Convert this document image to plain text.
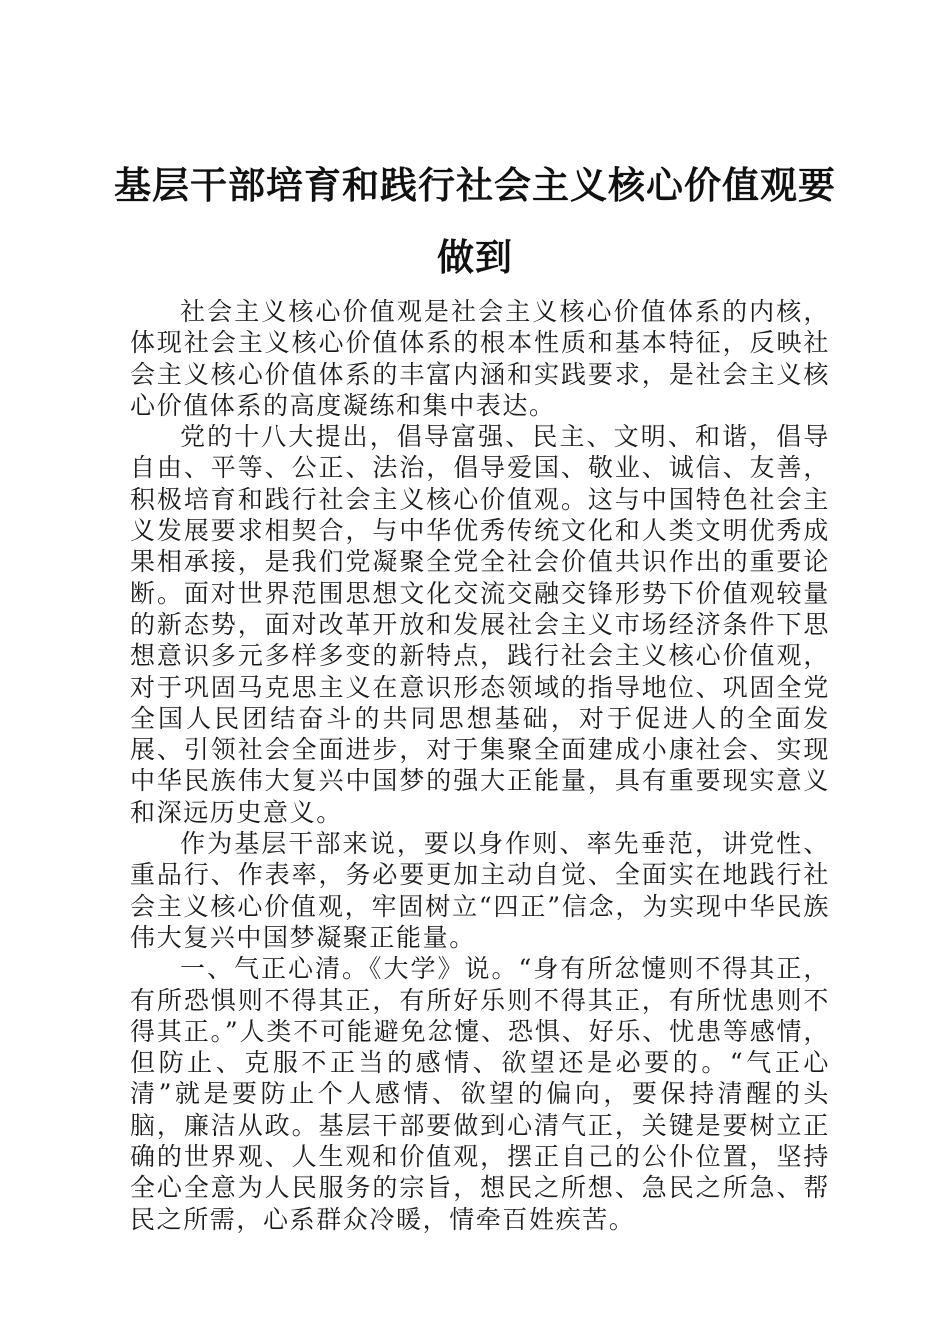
基层干部培育和践行社会主义核心价值观要做到

社会主义核心价值观是社会主义核心价值体系的内核，体现社会主义核心价值体系的根本性质和基本特征，反映社会主义核心价值体系的丰富内涵和实践要求，是社会主义核心价值体系的高度凝练和集中表达。

党的十八大提出，倡导富强、民主、文明、和谐，倡导自由、平等、公正、法治，倡导爱国、敬业、诚信、友善，积极培育和践行社会主义核心价值观。这与中国特色社会主义发展要求相契合，与中华优秀传统文化和人类文明优秀成果相承接，是我们党凝聚全党全社会价值共识作出的重要论断。面对世界范围思想文化交流交融交锋形势下价值观较量的新态势，面对改革开放和发展社会主义市场经济条件下思想意识多元多样多变的新特点，践行社会主义核心价值观，对于巩固马克思主义在意识形态领域的指导地位、巩固全党全国人民团结奋斗的共同思想基础，对于促进人的全面发展、引领社会全面进步，对于集聚全面建成小康社会、实现中华民族伟大复兴中国梦的强大正能量，具有重要现实意义和深远历史意义。

作为基层干部来说，要以身作则、率先垂范，讲党性、重品行、作表率，务必要更加主动自觉、全面实在地践行社会主义核心价值观，牢固树立“四正”信念，为实现中华民族伟大复兴中国梦凝聚正能量。

一、气正心清。《大学》说。“身有所忿懥则不得其正，有所恐惧则不得其正，有所好乐则不得其正，有所忧患则不得其正。”人类不可能避免忿懥、恐惧、好乐、忧患等感情，但防止、克服不正当的感情、欲望还是必要的。“气正心清”就是要防止个人感情、欲望的偏向，要保持清醒的头脑，廉洁从政。基层干部要做到心清气正，关键是要树立正确的世界观、人生观和价值观，摆正自己的公仆位置，坚持全心全意为人民服务的宗旨，想民之所想、急民之所急、帮民之所需，心系群众冷暖，情牵百姓疾苦。
